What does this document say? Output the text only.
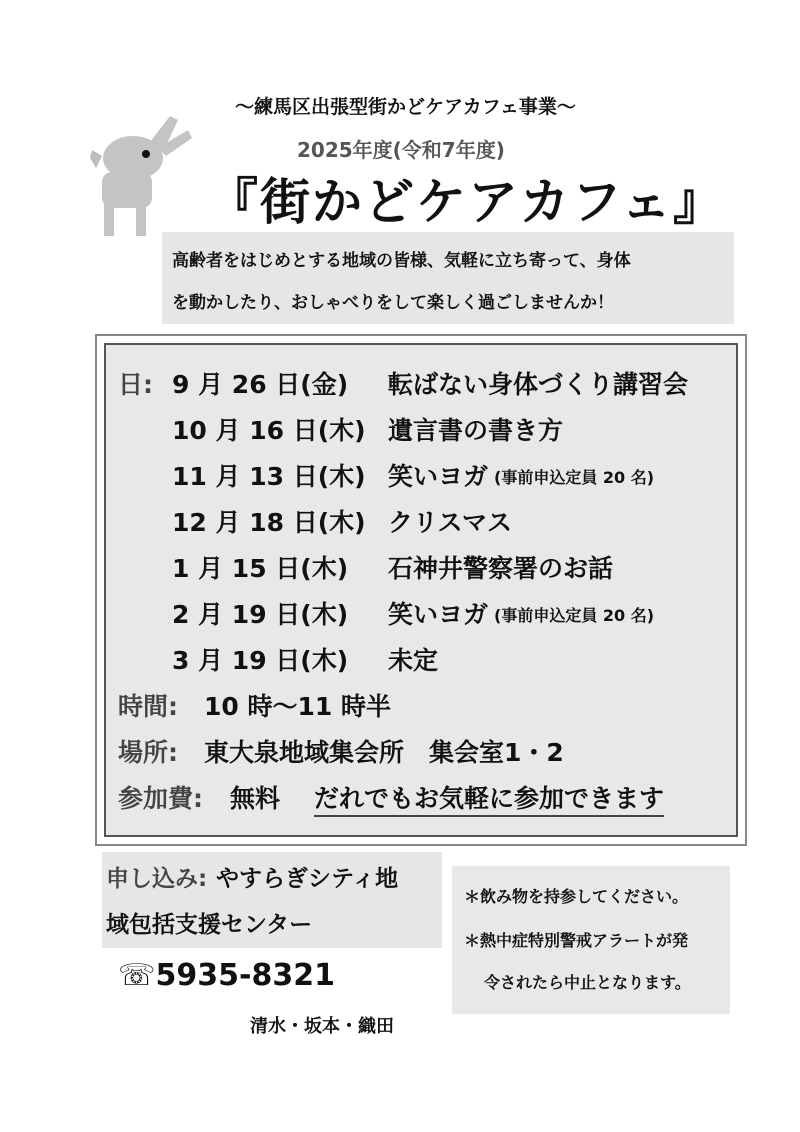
〜練馬区出張型街かどケアカフェ事業〜
2025年度(令和7年度)
『街かどケアカフェ』
高齢者をはじめとする地域の皆様、気軽に立ち寄って、身体
を動かしたり、おしゃべりをして楽しく過ごしませんか！
日: 9 月 26 日(金) 転ばない身体づくり講習会
10 月 16 日(木) 遺言書の書き方
11 月 13 日(木) 笑いヨガ (事前申込定員 20 名)
12 月 18 日(木) クリスマス
1 月 15 日(木) 石神井警察署のお話
2 月 19 日(木) 笑いヨガ (事前申込定員 20 名)
3 月 19 日(木) 未定
時間: 10 時〜11 時半
場所: 東大泉地域集会所　集会室1・2
参加費: 無料 だれでもお気軽に参加できます
申し込み: やすらぎシティ地
域包括支援センター
☏5935-8321
清水・坂本・織田
＊飲み物を持参してください。
＊熱中症特別警戒アラートが発
令されたら中止となります。
